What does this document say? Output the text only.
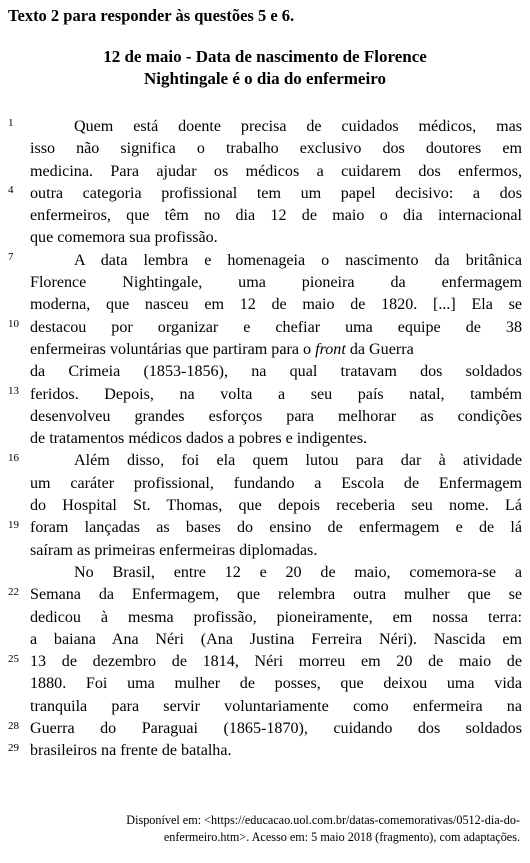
Texto 2 para responder às questões 5 e 6.
12 de maio - Data de nascimento de Florence
Nightingale é o dia do enfermeiro
1
4
7
10
13
16
19
22
25
28
29
Quem está doente precisa de cuidados médicos, mas
isso não significa o trabalho exclusivo dos doutores em
medicina. Para ajudar os médicos a cuidarem dos enfermos,
outra categoria profissional tem um papel decisivo: a dos
enfermeiros, que têm no dia 12 de maio o dia internacional
que comemora sua profissão.
A data lembra e homenageia o nascimento da britânica
Florence Nightingale, uma pioneira da enfermagem
moderna, que nasceu em 12 de maio de 1820. [...] Ela se
destacou por organizar e chefiar uma equipe de 38
enfermeiras voluntárias que partiram para o front da Guerra
da Crimeia (1853-1856), na qual tratavam dos soldados
feridos. Depois, na volta a seu país natal, também
desenvolveu grandes esforços para melhorar as condições
de tratamentos médicos dados a pobres e indigentes.
Além disso, foi ela quem lutou para dar à atividade
um caráter profissional, fundando a Escola de Enfermagem
do Hospital St. Thomas, que depois receberia seu nome. Lá
foram lançadas as bases do ensino de enfermagem e de lá
saíram as primeiras enfermeiras diplomadas.
No Brasil, entre 12 e 20 de maio, comemora-se a
Semana da Enfermagem, que relembra outra mulher que se
dedicou à mesma profissão, pioneiramente, em nossa terra:
a baiana Ana Néri (Ana Justina Ferreira Néri). Nascida em
13 de dezembro de 1814, Néri morreu em 20 de maio de
1880. Foi uma mulher de posses, que deixou uma vida
tranquila para servir voluntariamente como enfermeira na
Guerra do Paraguai (1865-1870), cuidando dos soldados
brasileiros na frente de batalha.
Disponível em: <https://educacao.uol.com.br/datas-comemorativas/0512-dia-do-
enfermeiro.htm>. Acesso em: 5 maio 2018 (fragmento), com adaptações.
